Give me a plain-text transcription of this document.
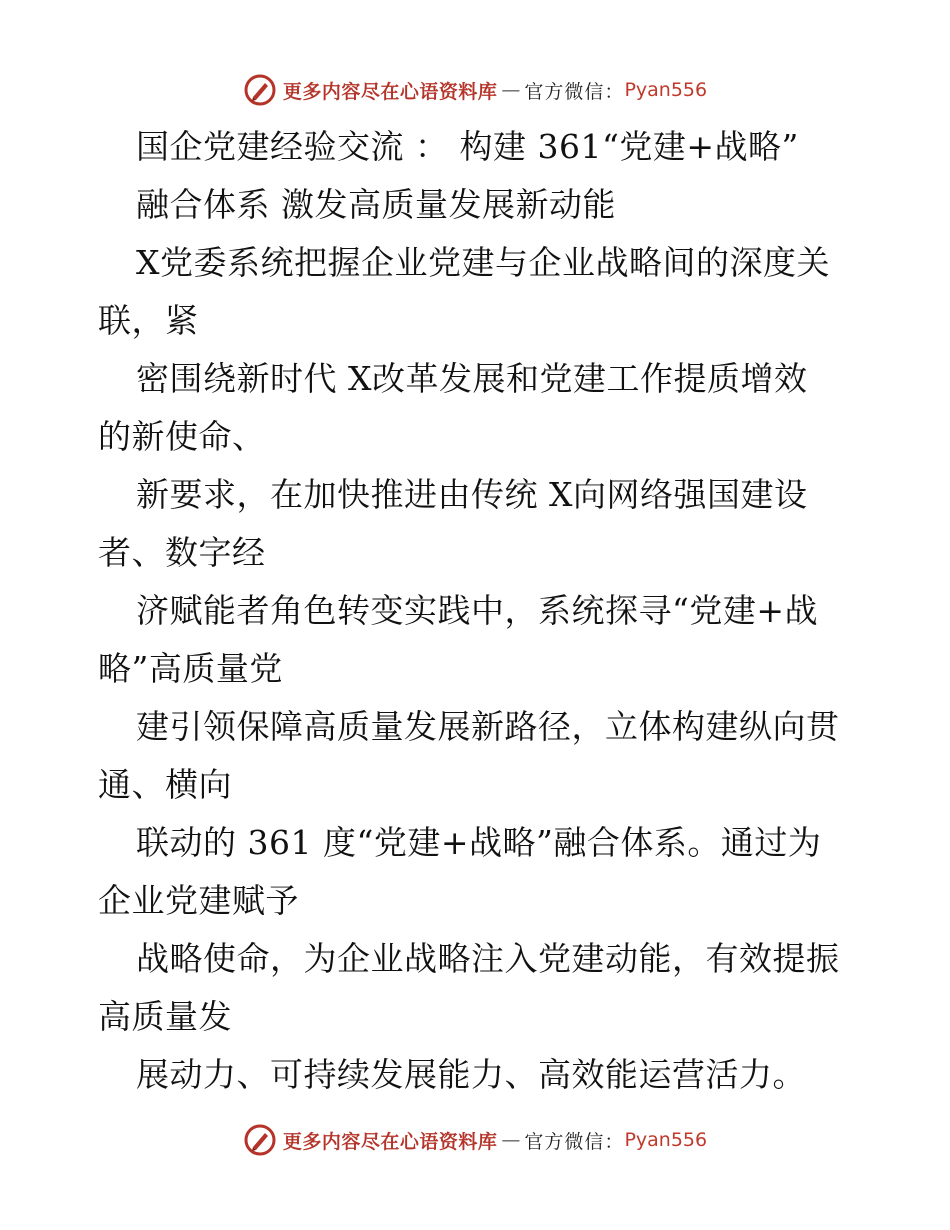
更多内容尽在心语资料库 — 官方微信： Pyan556
国企党建经验交流 ： 构建 361“党建+战略”
融合体系 激发高质量发展新动能
X党委系统把握企业党建与企业战略间的深度关
联，紧
密围绕新时代 X改革发展和党建工作提质增效
的新使命、
新要求，在加快推进由传统 X向网络强国建设
者、数字经
济赋能者角色转变实践中，系统探寻“党建+战
略”高质量党
建引领保障高质量发展新路径，立体构建纵向贯
通、横向
联动的 361 度“党建+战略”融合体系。通过为
企业党建赋予
战略使命，为企业战略注入党建动能，有效提振
高质量发
展动力、可持续发展能力、高效能运营活力。
更多内容尽在心语资料库 — 官方微信： Pyan556
